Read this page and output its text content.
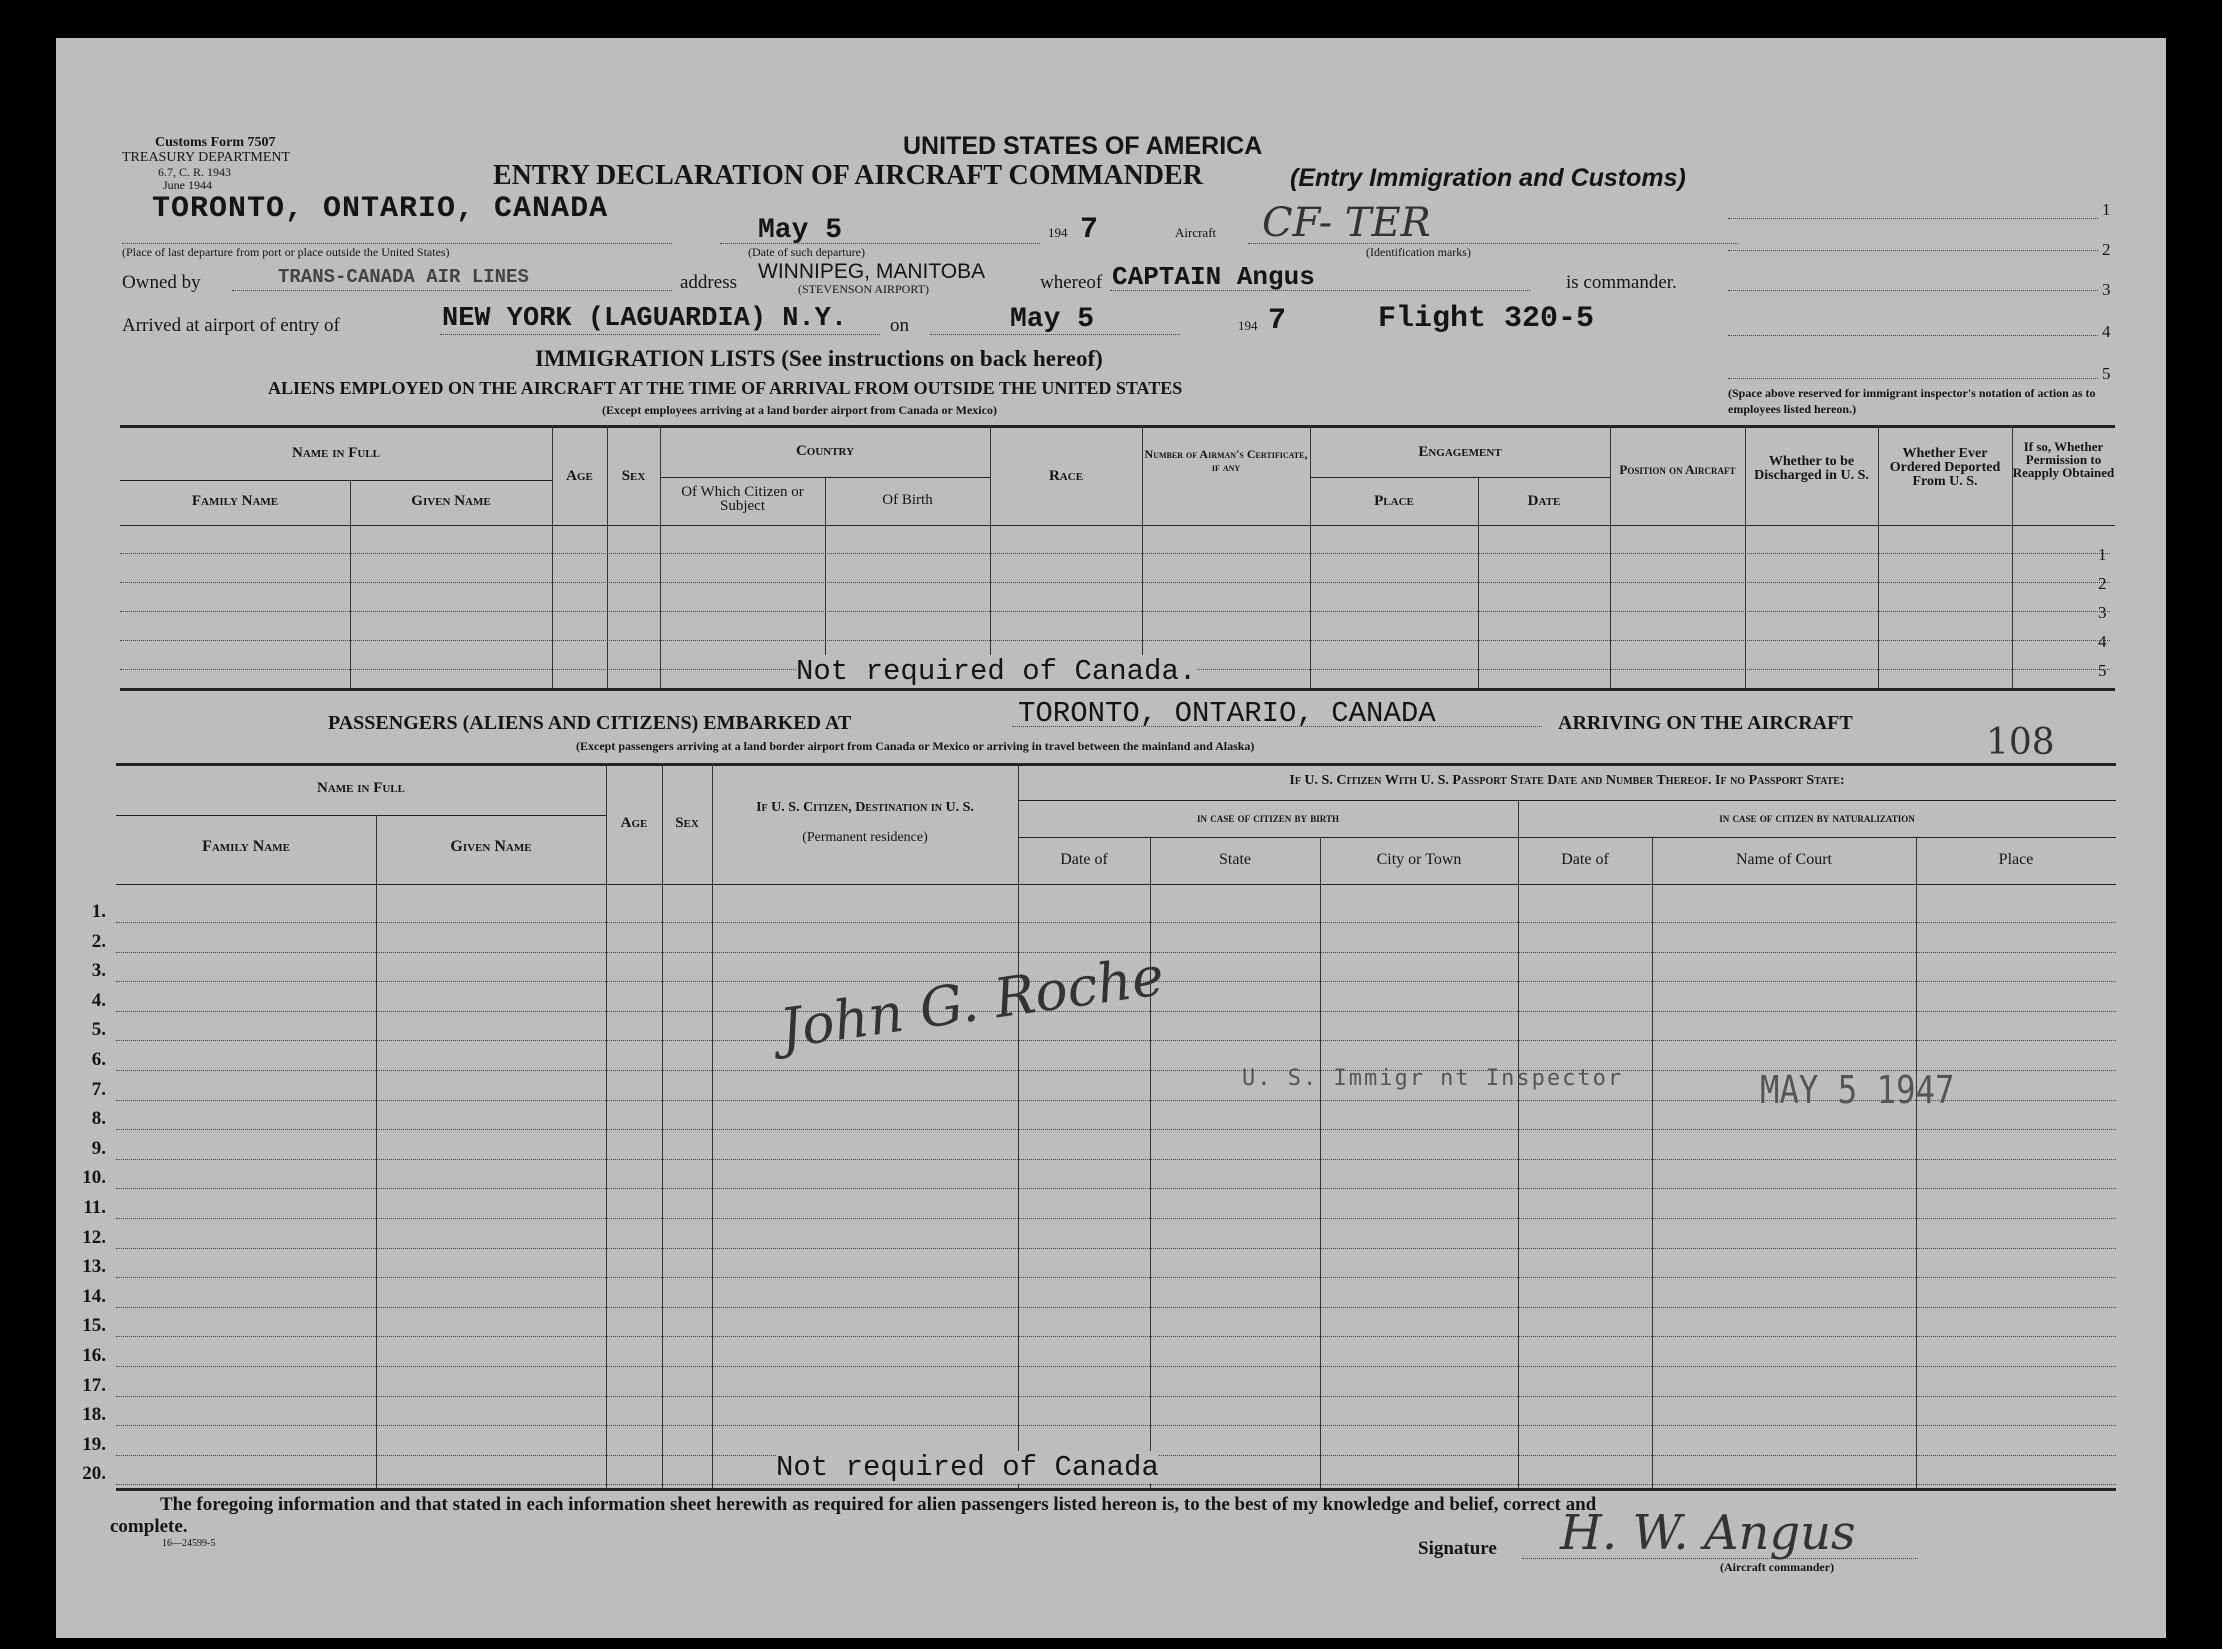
Customs Form 7507
TREASURY DEPARTMENT
6.7, C. R. 1943
June 1944
UNITED STATES OF AMERICA
ENTRY DECLARATION OF AIRCRAFT COMMANDER	(Entry Immigration and Customs)
TORONTO, ONTARIO, CANADA
(Place of last departure from port or place outside the United States)
May 5	194 7
(Date of such departure)
Aircraft CF- TER
(Identification marks)
Owned by	TRANS-CANADA AIR LINES	address WINNIPEG, MANITOBA
(STEVENSON AIRPORT)	whereof CAPTAIN Angus	is commander.
Arrived at airport of entry of	NEW YORK (LAGUARDIA) N.Y. on	May 5	194 7	Flight 320-5
1
2
3
4
5
(Space above reserved for immigrant inspector's notation of action as to employees listed hereon.)
IMMIGRATION LISTS (See instructions on back hereof)
ALIENS EMPLOYED ON THE AIRCRAFT AT THE TIME OF ARRIVAL FROM OUTSIDE THE UNITED STATES
(Except employees arriving at a land border airport from Canada or Mexico)
Name in Full
Family Name	Given Name
Age	Sex
Country
Of Which Citizen or Subject	Of Birth
Race
Number of Airman's Certificate, if any
Engagement
Place	Date
Position on Aircraft
Whether to be Discharged in U. S.
Whether Ever Ordered Deported From U. S.
If so, Whether Permission to Reapply Obtained
1
2
3
4
5
Not required of Canada.
PASSENGERS (ALIENS AND CITIZENS) EMBARKED AT	TORONTO, ONTARIO, CANADA	ARRIVING ON THE AIRCRAFT	108
(Except passengers arriving at a land border airport from Canada or Mexico or arriving in travel between the mainland and Alaska)
Name in Full
Family Name	Given Name
Age	Sex
If U. S. Citizen, Destination in U. S.
(Permanent residence)
If U. S. Citizen With U. S. Passport State Date and Number Thereof. If no Passport State:
in case of citizen by birth	in case of citizen by naturalization
Date of	State	City or Town	Date of	Name of Court	Place
1.
2.
3.
4.
5.
6.
7.
8.
9.
10.
11.
12.
13.
14.
15.
16.
17.
18.
19.
20.
John G. Roche
U. S. Immigr nt Inspector	MAY 5 1947
Not required of Canada
The foregoing information and that stated in each information sheet herewith as required for alien passengers listed hereon is, to the best of my knowledge and belief, correct and
complete.
16—24599-5	Signature H. W. Angus
(Aircraft commander)
